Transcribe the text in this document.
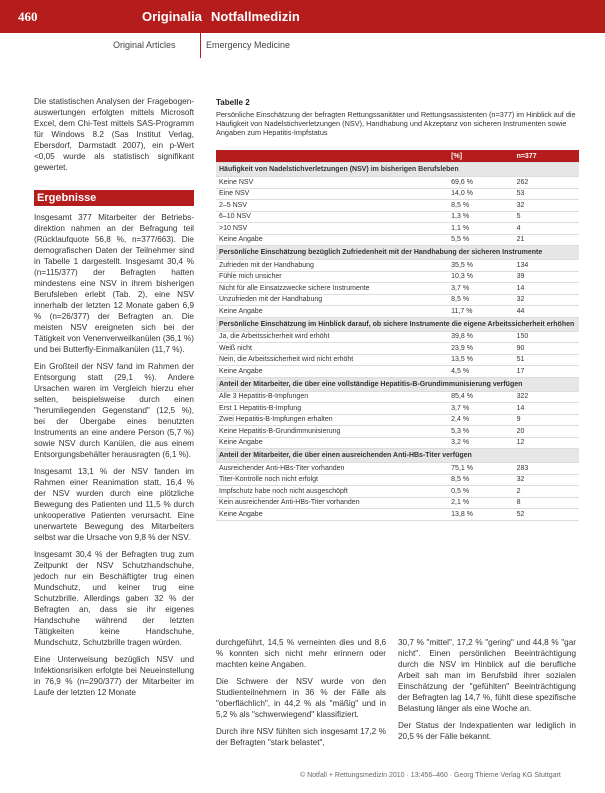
460	Originalia Notfallmedizin
Original Articles	Emergency Medicine

Die statistischen Analysen der Fragebogenauswertungen erfolgten mittels Microsoft Excel, dem Chi-Test mittels SAS-Programm für Windows 8.2 (Sas Institut Verlag, Ebersdorf, Darmstadt 2007), ein p-Wert <0,05 wurde als statistisch signifikant gewertet.

Ergebnisse

Insgesamt 377 Mitarbeiter der Betriebsdirektion nahmen an der Befragung teil (Rücklaufquote 56,8 %, n=377/663). Die demografischen Daten der Teilnehmer sind in Tabelle 1 dargestellt. Insgesamt 30,4 % (n=115/377) der Befragten hatten mindestens eine NSV in ihrem bisherigen Berufsleben erlebt (Tab. 2), eine NSV innerhalb der letzten 12 Monate gaben 6,9 % (n=26/377) der Befragten an. Die meisten NSV ereigneten sich bei der Tätigkeit von Venenverweilkanülen (36,1 %) und bei Butterfly-Einmalkanülen (11,7 %).

Ein Großteil der NSV fand im Rahmen der Entsorgung statt (29,1 %). Andere Ursachen waren im Vergleich hierzu eher selten, beispielsweise durch einen "herumliegenden Gegenstand" (12,5 %), bei der Übergabe eines benutzten Instruments an eine andere Person (5,7 %) sowie NSV durch Kanülen, die aus einem Entsorgungsbehälter herausragten (6,1 %).

Insgesamt 13,1 % der NSV fanden im Rahmen einer Reanimation statt, 16,4 % der NSV wurden durch eine plötzliche Bewegung des Patienten und 11,5 % durch unkooperative Patienten verursacht. Eine unerwartete Bewegung des Mitarbeiters selbst war die Ursache von 9,8 % der NSV.

Insgesamt 30,4 % der Befragten trug zum Zeitpunkt der NSV Schutzhandschuhe, jedoch nur ein Beschäftigter trug einen Mundschutz, und keiner trug eine Schutzbrille. Allerdings gaben 32 % der Befragten an, dass sie ihr eigenes Handschuhe während der letzten Tätigkeiten keine Handschuhe, Mundschutz, Schutzbrille tragen würden.

Eine Unterweisung bezüglich NSV und Infektionsrisiken erfolgte bei Neueinstellung in 76,9 % (n=290/377) der Mitarbeiter im Laufe der letzten 12 Monate

Tabelle 2
Persönliche Einschätzung der befragten Rettungssanitäter und Rettungsassistenten (n=377) im Hinblick auf die Häufigkeit von Nadelstichverletzungen (NSV), Handhabung und Akzeptanz von sicheren Instrumenten sowie Angaben zum Hepatitis-Impfstatus
	[%]	n=377
Häufigkeit von Nadelstichverletzungen (NSV) im bisherigen Berufsleben		
Keine NSV	69,6 %	262
Eine NSV	14,0 %	53
2–5 NSV	8,5 %	32
6–10 NSV	1,3 %	5
>10 NSV	1,1 %	4
Keine Angabe	5,5 %	21
Persönliche Einschätzung bezüglich Zufriedenheit mit der Handhabung der sicheren Instrumente		
Zufrieden mit der Handhabung	35,5 %	134
Fühle mich unsicher	10,3 %	39
Nicht für alle Einsatzzwecke sichere Instrumente	3,7 %	14
Unzufrieden mit der Handhabung	8,5 %	32
Keine Angabe	11,7 %	44
Persönliche Einschätzung im Hinblick darauf, ob sichere Instrumente die eigene Arbeitssicherheit erhöhen		
Ja, die Arbeitssicherheit wird erhöht	39,8 %	150
Weiß nicht	23,9 %	90
Nein, die Arbeitssicherheit wird nicht erhöht	13,5 %	51
Keine Angabe	4,5 %	17
Anteil der Mitarbeiter, die über eine vollständige Hepatitis-B-Grundimmunisierung verfügen		
Alle 3 Hepatitis-B-Impfungen	85,4 %	322
Erst 1 Hepatitis-B-Impfung	3,7 %	14
Zwei Hepatitis-B-Impfungen erhalten	2,4 %	9
Keine Hepatitis-B-Grundimmunisierung	5,3 %	20
Keine Angabe	3,2 %	12
Anteil der Mitarbeiter, die über einen ausreichenden Anti-HBs-Titer verfügen		
Ausreichender Anti-HBs-Titer vorhanden	75,1 %	283
Titer-Kontrolle noch nicht erfolgt	8,5 %	32
Impfschutz habe noch nicht ausgeschöpft	0,5 %	2
Kein ausreichender Anti-HBs-Titer vorhanden	2,1 %	8
Keine Angabe	13,8 %	52

durchgeführt, 14,5 % verneinten dies und 8,6 % konnten sich nicht mehr erinnern oder machten keine Angaben.

Die Schwere der NSV wurde von den Studienteilnehmern in 36 % der Fälle als "oberflächlich", in 44,2 % als "mäßig" und in 5,2 % als "schwerwiegend" klassifiziert.

Durch ihre NSV fühlten sich insgesamt 17,2 % der Befragten "stark belastet",

30,7 % "mittel", 17,2 % "gering" und 44,8 % "gar nicht". Einen persönlichen Beeinträchtigung durch die NSV im Hinblick auf die berufliche Arbeit sah man im Berufsbild ihrer sozialen Einschätzung der "gefühlten" Beeinträchtigung der Befragten lag 14,7 %, fühlt diese spezifische Belastung länger als eine Woche an.

Der Status der Indexpatienten war lediglich in 20,5 % der Fälle bekannt.

© Notfall + Rettungsmedizin 2010 · 13:456–460 · Georg Thieme Verlag KG Stuttgart
